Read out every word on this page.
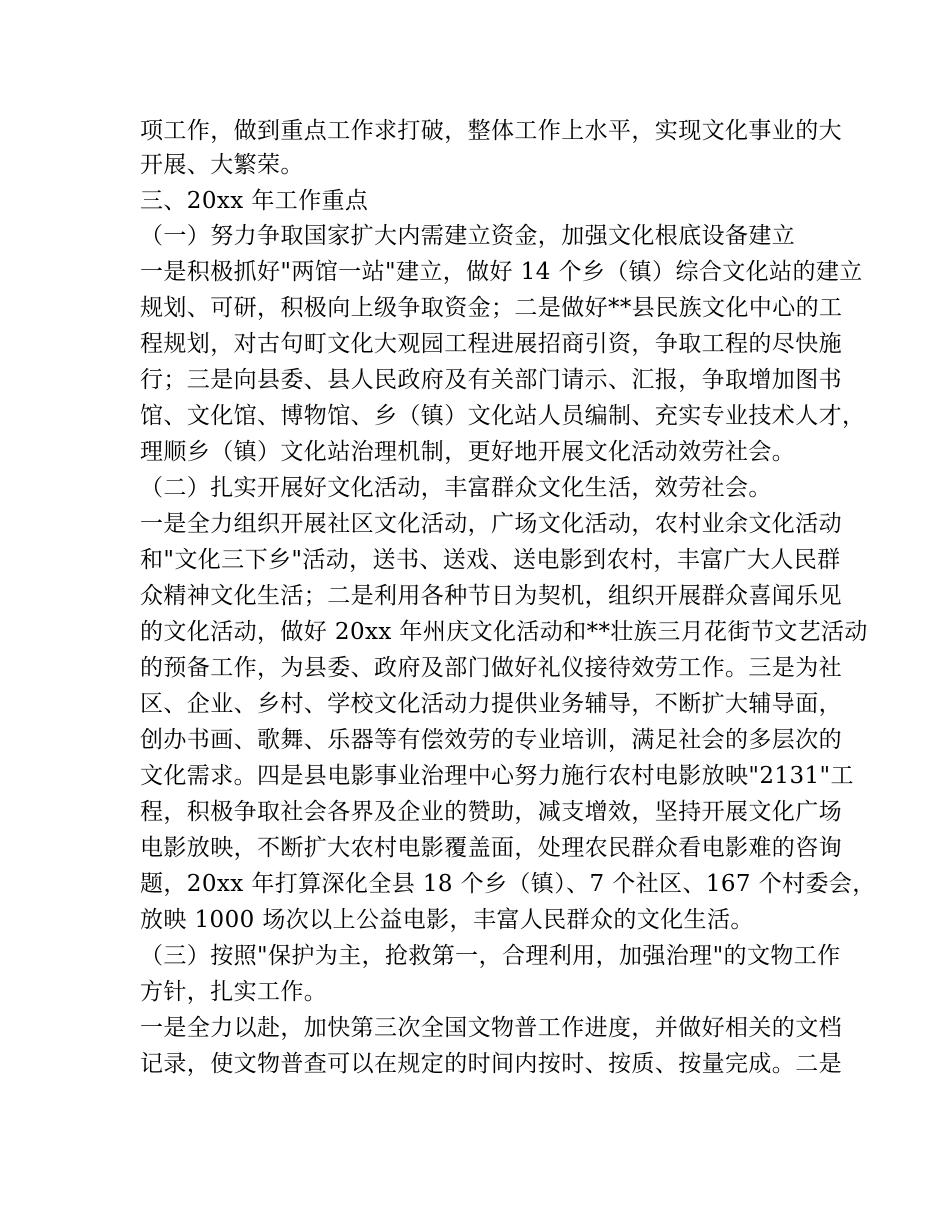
项工作，做到重点工作求打破，整体工作上水平，实现文化事业的大
开展、大繁荣。
三、20xx 年工作重点
（一）努力争取国家扩大内需建立资金，加强文化根底设备建立
一是积极抓好"两馆一站"建立，做好 14 个乡（镇）综合文化站的建立
规划、可研，积极向上级争取资金；二是做好**县民族文化中心的工
程规划，对古句町文化大观园工程进展招商引资，争取工程的尽快施
行；三是向县委、县人民政府及有关部门请示、汇报，争取增加图书
馆、文化馆、博物馆、乡（镇）文化站人员编制、充实专业技术人才，
理顺乡（镇）文化站治理机制，更好地开展文化活动效劳社会。
（二）扎实开展好文化活动，丰富群众文化生活，效劳社会。
一是全力组织开展社区文化活动，广场文化活动，农村业余文化活动
和"文化三下乡"活动，送书、送戏、送电影到农村，丰富广大人民群
众精神文化生活；二是利用各种节日为契机，组织开展群众喜闻乐见
的文化活动，做好 20xx 年州庆文化活动和**壮族三月花街节文艺活动
的预备工作，为县委、政府及部门做好礼仪接待效劳工作。三是为社
区、企业、乡村、学校文化活动力提供业务辅导，不断扩大辅导面，
创办书画、歌舞、乐器等有偿效劳的专业培训，满足社会的多层次的
文化需求。四是县电影事业治理中心努力施行农村电影放映"2131"工
程，积极争取社会各界及企业的赞助，减支增效，坚持开展文化广场
电影放映，不断扩大农村电影覆盖面，处理农民群众看电影难的咨询
题，20xx 年打算深化全县 18 个乡（镇）、7 个社区、167 个村委会，
放映 1000 场次以上公益电影，丰富人民群众的文化生活。
（三）按照"保护为主，抢救第一，合理利用，加强治理"的文物工作
方针，扎实工作。
一是全力以赴，加快第三次全国文物普工作进度，并做好相关的文档
记录，使文物普查可以在规定的时间内按时、按质、按量完成。二是
